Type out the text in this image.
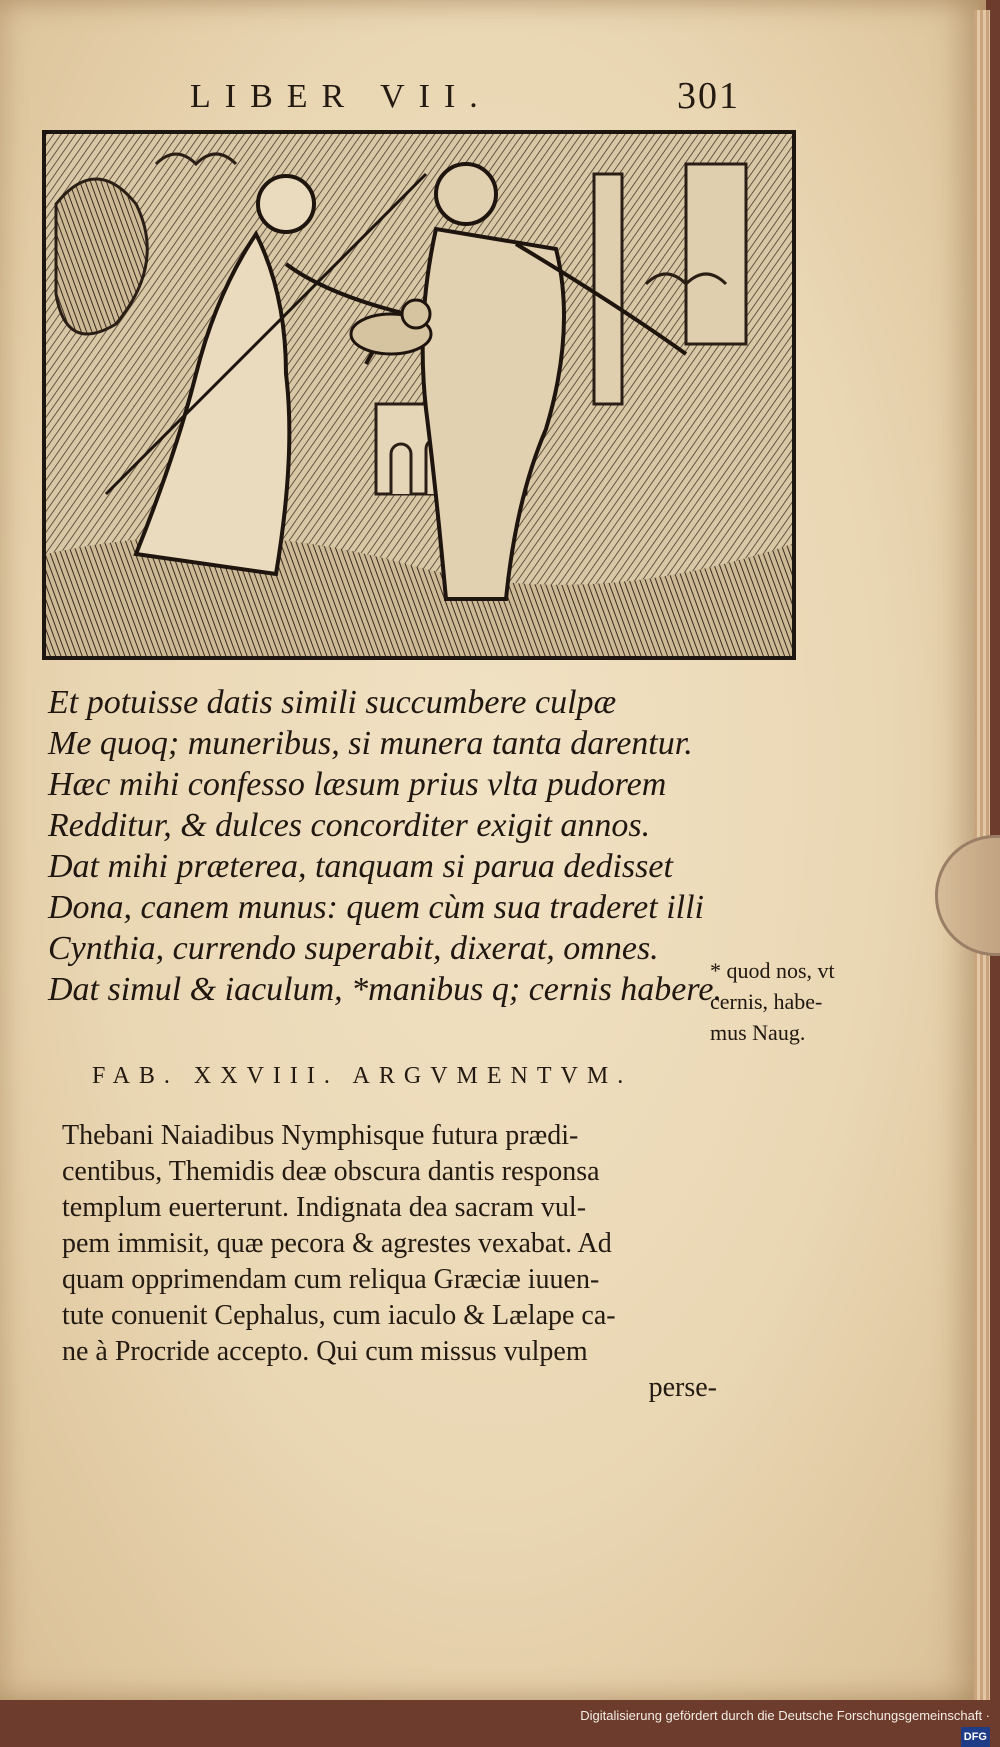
LIBER VII.	301
Et potuisse datis simili succumbere culpæ
Me quoq; muneribus, si munera tanta darentur.
Hæc mihi confesso læsum prius vlta pudorem
Redditur, & dulces concorditer exigit annos.
Dat mihi præterea, tanquam si parua dedisset
Dona, canem munus: quem cùm sua traderet illi
Cynthia, currendo superabit, dixerat, omnes.
Dat simul & iaculum, *manibus q; cernis habere.
* quod nos, vt
cernis, habe-
mus Naug.
FAB. XXVIII. ARGVMENTVM.
Thebani Naiadibus Nymphisque futura prædi-
centibus, Themidis deæ obscura dantis responsa
templum euerterunt. Indignata dea sacram vul-
pem immisit, quæ pecora & agrestes vexabat. Ad
quam opprimendam cum reliqua Græciæ iuuen-
tute conuenit Cephalus, cum iaculo & Lælape ca-
ne à Procride accepto. Qui cum missus vulpem
perse-
Digitalisierung gefördert durch die Deutsche Forschungsgemeinschaft ·DFG
